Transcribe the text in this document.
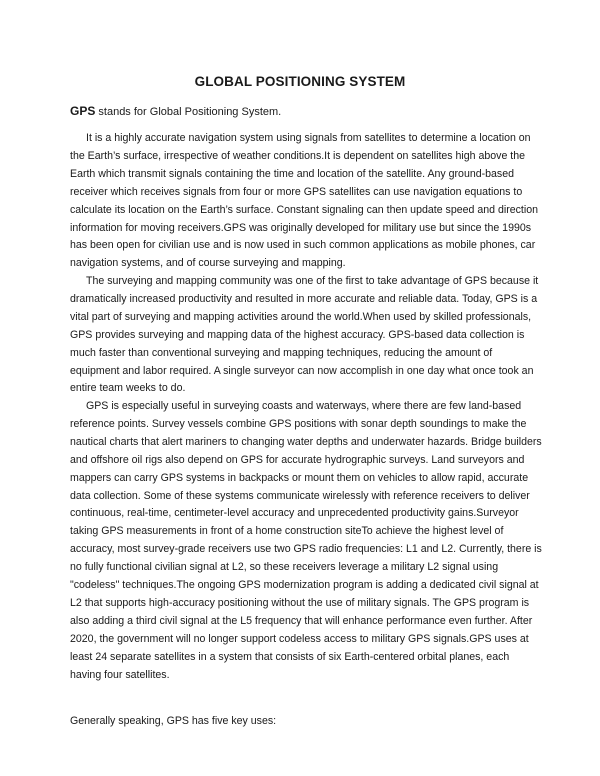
GLOBAL POSITIONING SYSTEM
GPS stands for Global Positioning System.

It is a highly accurate navigation system using signals from satellites to determine a location on the Earth’s surface, irrespective of weather conditions.It is dependent on satellites high above the Earth which transmit signals containing the time and location of the satellite. Any ground-based receiver which receives signals from four or more GPS satellites can use navigation equations to calculate its location on the Earth’s surface. Constant signaling can then update speed and direction information for moving receivers.GPS was originally developed for military use but since the 1990s has been open for civilian use and is now used in such common applications as mobile phones, car navigation systems, and of course surveying and mapping.

The surveying and mapping community was one of the first to take advantage of GPS because it dramatically increased productivity and resulted in more accurate and reliable data. Today, GPS is a vital part of surveying and mapping activities around the world.When used by skilled professionals, GPS provides surveying and mapping data of the highest accuracy. GPS-based data collection is much faster than conventional surveying and mapping techniques, reducing the amount of equipment and labor required. A single surveyor can now accomplish in one day what once took an entire team weeks to do.

GPS is especially useful in surveying coasts and waterways, where there are few land-based reference points. Survey vessels combine GPS positions with sonar depth soundings to make the nautical charts that alert mariners to changing water depths and underwater hazards. Bridge builders and offshore oil rigs also depend on GPS for accurate hydrographic surveys. Land surveyors and mappers can carry GPS systems in backpacks or mount them on vehicles to allow rapid, accurate data collection. Some of these systems communicate wirelessly with reference receivers to deliver continuous, real-time, centimeter-level accuracy and unprecedented productivity gains.Surveyor taking GPS measurements in front of a home construction siteTo achieve the highest level of accuracy, most survey-grade receivers use two GPS radio frequencies: L1 and L2. Currently, there is no fully functional civilian signal at L2, so these receivers leverage a military L2 signal using "codeless" techniques.The ongoing GPS modernization program is adding a dedicated civil signal at L2 that supports high-accuracy positioning without the use of military signals. The GPS program is also adding a third civil signal at the L5 frequency that will enhance performance even further. After 2020, the government will no longer support codeless access to military GPS signals.GPS uses at least 24 separate satellites in a system that consists of six Earth-centered orbital planes, each having four satellites.

Generally speaking, GPS has five key uses:
